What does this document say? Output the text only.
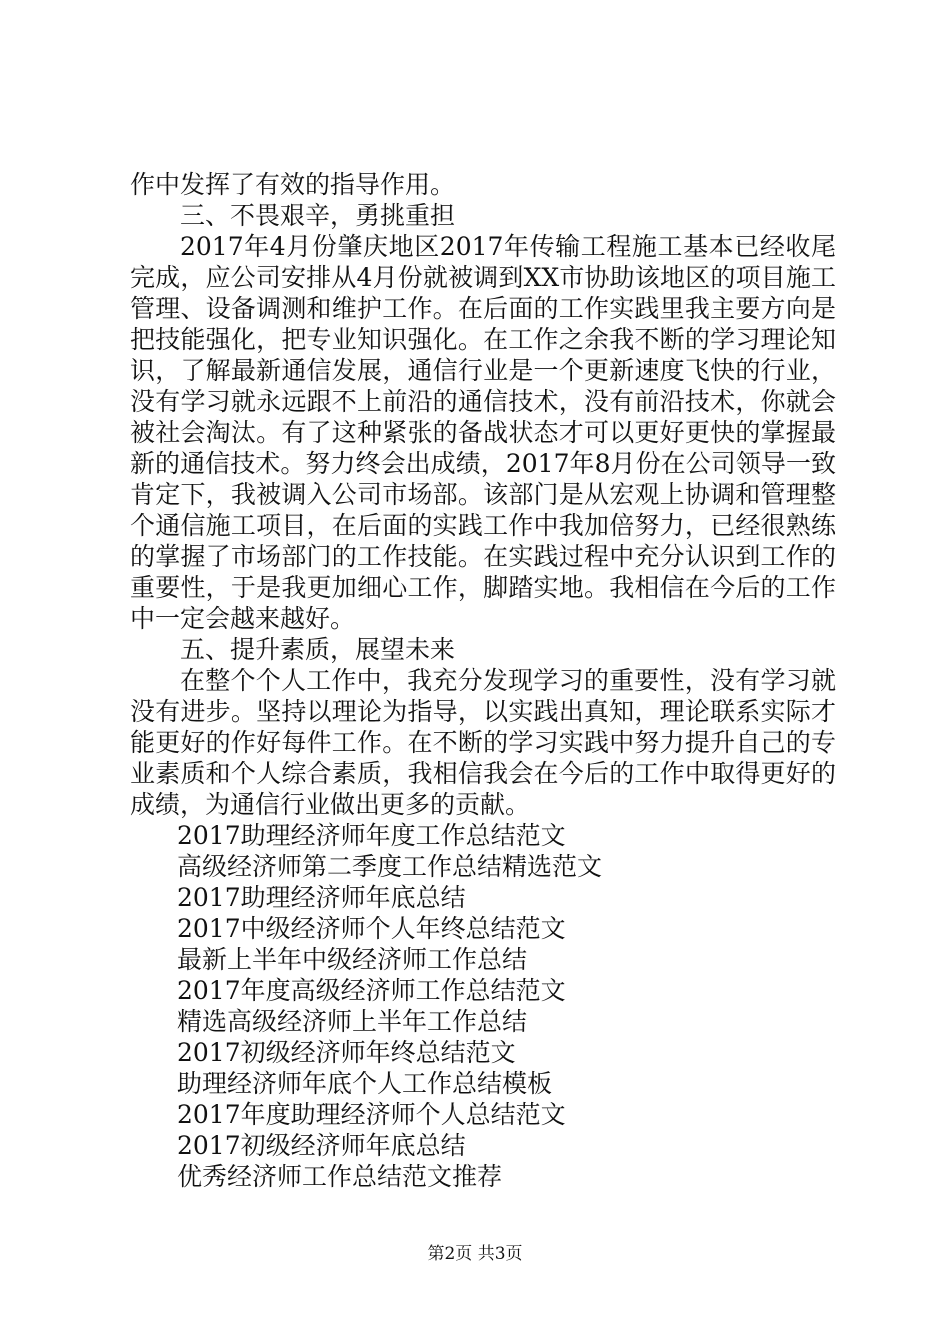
作中发挥了有效的指导作用。

三、不畏艰辛，勇挑重担

2017年4月份肇庆地区2017年传输工程施工基本已经收尾完成，应公司安排从4月份就被调到XX市协助该地区的项目施工管理、设备调测和维护工作。在后面的工作实践里我主要方向是把技能强化，把专业知识强化。在工作之余我不断的学习理论知识，了解最新通信发展，通信行业是一个更新速度飞快的行业，没有学习就永远跟不上前沿的通信技术，没有前沿技术，你就会被社会淘汰。有了这种紧张的备战状态才可以更好更快的掌握最新的通信技术。努力终会出成绩，2017年8月份在公司领导一致肯定下，我被调入公司市场部。该部门是从宏观上协调和管理整个通信施工项目，在后面的实践工作中我加倍努力，已经很熟练的掌握了市场部门的工作技能。在实践过程中充分认识到工作的重要性，于是我更加细心工作，脚踏实地。我相信在今后的工作中一定会越来越好。

五、提升素质，展望未来

在整个个人工作中，我充分发现学习的重要性，没有学习就没有进步。坚持以理论为指导，以实践出真知，理论联系实际才能更好的作好每件工作。在不断的学习实践中努力提升自己的专业素质和个人综合素质，我相信我会在今后的工作中取得更好的成绩，为通信行业做出更多的贡献。

2017助理经济师年度工作总结范文
高级经济师第二季度工作总结精选范文
2017助理经济师年底总结
2017中级经济师个人年终总结范文
最新上半年中级经济师工作总结
2017年度高级经济师工作总结范文
精选高级经济师上半年工作总结
2017初级经济师年终总结范文
助理经济师年底个人工作总结模板
2017年度助理经济师个人总结范文
2017初级经济师年底总结
优秀经济师工作总结范文推荐
第2页 共3页
